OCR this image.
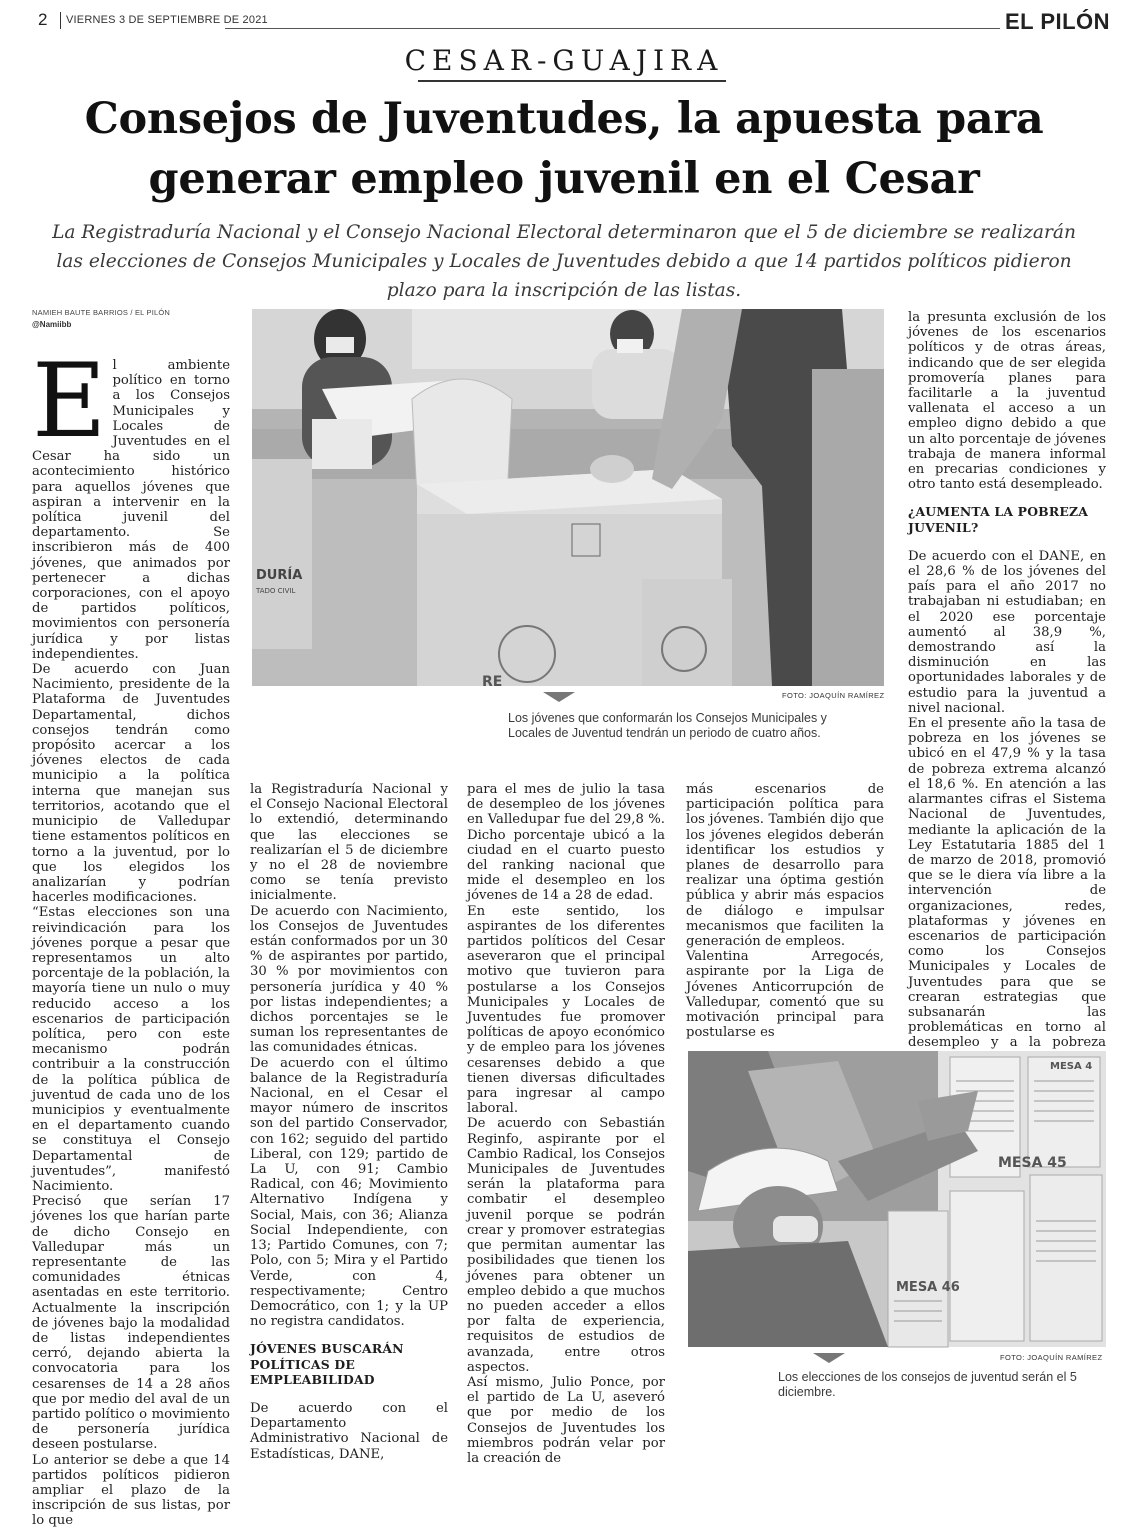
2 VIERNES 3 DE SEPTIEMBRE DE 2021	EL PILÓN
CESAR-GUAJIRA
Consejos de Juventudes, la apuesta para
generar empleo juvenil en el Cesar
La Registraduría Nacional y el Consejo Nacional Electoral determinaron que el 5 de diciembre se realizarán las elecciones de Consejos Municipales y Locales de Juventudes debido a que 14 partidos políticos pidieron plazo para la inscripción de las listas.
NAMIEH BAUTE BARRIOS / EL PILÓN
@Namiibb
E l ambiente político en torno a los Consejos Municipales y Locales de Juventudes en el Cesar ha sido un acontecimiento histórico para aquellos jóvenes que aspiran a intervenir en la política juvenil del departamento. Se inscribieron más de 400 jóvenes, que animados por pertenecer a dichas corporaciones, con el apoyo de partidos políticos, movimientos con personería jurídica y por listas independientes.

De acuerdo con Juan Nacimiento, presidente de la Plataforma de Juventudes Departamental, dichos consejos tendrán como propósito acercar a los jóvenes electos de cada municipio a la política interna que manejan sus territorios, acotando que el municipio de Valledupar tiene estamentos políticos en torno a la juventud, por lo que los elegidos los analizarían y podrían hacerles modificaciones.

“Estas elecciones son una reivindicación para los jóvenes porque a pesar que representamos un alto porcentaje de la población, la mayoría tiene un nulo o muy reducido acceso a los escenarios de participación política, pero con este mecanismo podrán contribuir a la construcción de la política pública de juventud de cada uno de los municipios y eventualmente en el departamento cuando se constituya el Consejo Departamental de juventudes”, manifestó Nacimiento.

Precisó que serían 17 jóvenes los que harían parte de dicho Consejo en Valledupar más un representante de las comunidades étnicas asentadas en este territorio. Actualmente la inscripción de jóvenes bajo la modalidad de listas independientes cerró, dejando abierta la convocatoria para los cesarenses de 14 a 28 años que por medio del aval de un partido político o movimiento de personería jurídica deseen postularse.

Lo anterior se debe a que 14 partidos políticos pidieron ampliar el plazo de la inscripción de sus listas, por lo que

DURÍA
TADO CIVIL
RE
FOTO: JOAQUÍN RAMÍREZ
Los jóvenes que conformarán los Consejos Municipales y Locales de Juventud tendrán un periodo de cuatro años.

la Registraduría Nacional y el Consejo Nacional Electoral lo extendió, determinando que las elecciones se realizarían el 5 de diciembre y no el 28 de noviembre como se tenía previsto inicialmente.

De acuerdo con Nacimiento, los Consejos de Juventudes están conformados por un 30 % de aspirantes por partido, 30 % por movimientos con personería jurídica y 40 % por listas independientes; a dichos porcentajes se le suman los representantes de las comunidades étnicas.

De acuerdo con el último balance de la Registraduría Nacional, en el Cesar el mayor número de inscritos son del partido Conservador, con 162; seguido del partido Liberal, con 129; partido de La U, con 91; Cambio Radical, con 46; Movimiento Alternativo Indígena y Social, Mais, con 36; Alianza Social Independiente, con 13; Partido Comunes, con 7; Polo, con 5; Mira y el Partido Verde, con 4, respectivamente; Centro Democrático, con 1; y la UP no registra candidatos.

JÓVENES BUSCARÁN POLÍTICAS DE EMPLEABILIDAD

De acuerdo con el Departamento Administrativo Nacional de Estadísticas, DANE,

para el mes de julio la tasa de desempleo de los jóvenes en Valledupar fue del 29,8 %. Dicho porcentaje ubicó a la ciudad en el cuarto puesto del ranking nacional que mide el desempleo en los jóvenes de 14 a 28 de edad.

En este sentido, los aspirantes de los diferentes partidos políticos del Cesar aseveraron que el principal motivo que tuvieron para postularse a los Consejos Municipales y Locales de Juventudes fue promover políticas de apoyo económico y de empleo para los jóvenes cesarenses debido a que tienen diversas dificultades para ingresar al campo laboral.

De acuerdo con Sebastián Reginfo, aspirante por el Cambio Radical, los Consejos Municipales de Juventudes serán la plataforma para combatir el desempleo juvenil porque se podrán crear y promover estrategias que permitan aumentar las posibilidades que tienen los jóvenes para obtener un empleo debido a que muchos no pueden acceder a ellos por falta de experiencia, requisitos de estudios de avanzada, entre otros aspectos.

Así mismo, Julio Ponce, por el partido de La U, aseveró que por medio de los Consejos de Juventudes los miembros podrán velar por la creación de

más escenarios de participación política para los jóvenes. También dijo que los jóvenes elegidos deberán identificar los estudios y planes de desarrollo para realizar una óptima gestión pública y abrir más espacios de diálogo e impulsar mecanismos que faciliten la generación de empleos.

Valentina Arregocés, aspirante por la Liga de Jóvenes Anticorrupción de Valledupar, comentó que su motivación principal para postularse es

la presunta exclusión de los jóvenes de los escenarios políticos y de otras áreas, indicando que de ser elegida promovería planes para facilitarle a la juventud vallenata el acceso a un empleo digno debido a que un alto porcentaje de jóvenes trabaja de manera informal en precarias condiciones y otro tanto está desempleado.

¿AUMENTA LA POBREZA JUVENIL?

De acuerdo con el DANE, en el 28,6 % de los jóvenes del país para el año 2017 no trabajaban ni estudiaban; en el 2020 ese porcentaje aumentó al 38,9 %, demostrando así la disminución en las oportunidades laborales y de estudio para la juventud a nivel nacional.

En el presente año la tasa de pobreza en los jóvenes se ubicó en el 47,9 % y la tasa de pobreza extrema alcanzó el 18,6 %. En atención a las alarmantes cifras el Sistema Nacional de Juventudes, mediante la aplicación de la Ley Estatutaria 1885 del 1 de marzo de 2018, promovió que se le diera vía libre a la intervención de organizaciones, redes, plataformas y jóvenes en escenarios de participación como los Consejos Municipales y Locales de Juventudes para que se crearan estrategias que subsanarán las problemáticas en torno al desempleo y a la pobreza

MESA 45
MESA 46
MESA 4
FOTO: JOAQUÍN RAMÍREZ
Los elecciones de los consejos de juventud serán el 5 diciembre.
